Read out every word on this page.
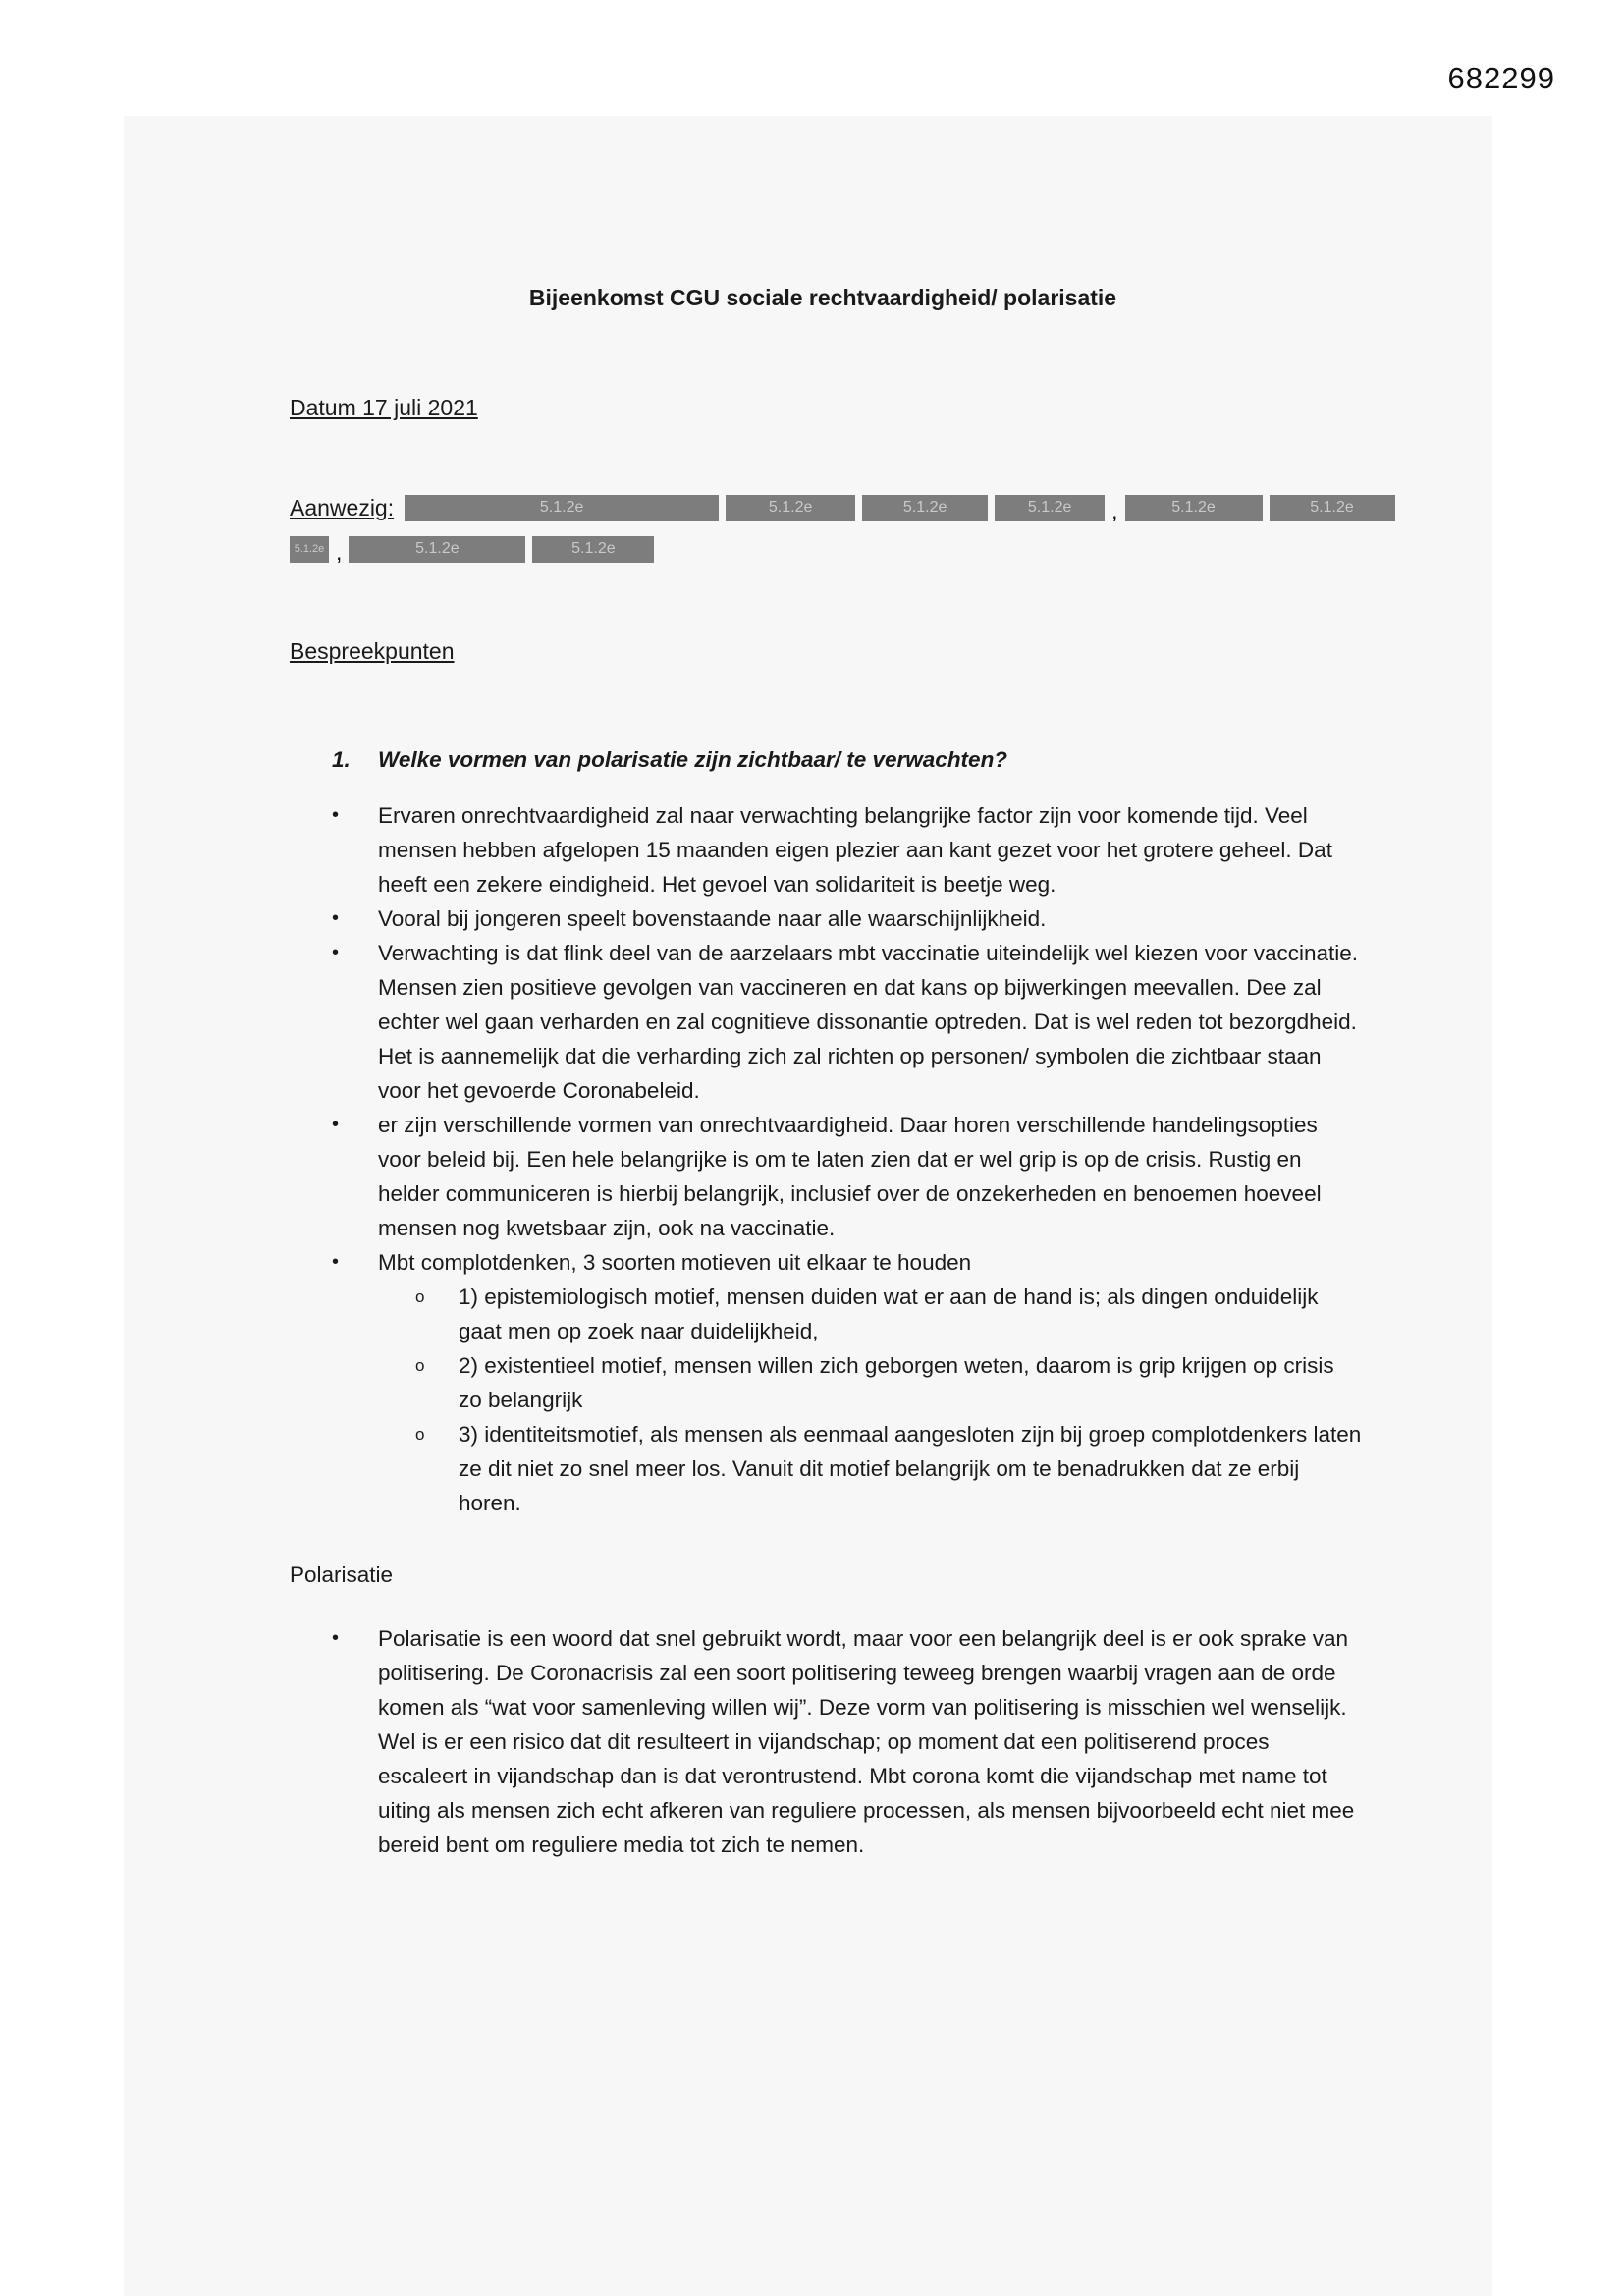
682299
Bijeenkomst CGU sociale rechtvaardigheid/ polarisatie
Datum 17 juli 2021
Aanwezig:	5.1.2e	5.1.2e	5.1.2e	5.1.2e	,	5.1.2e	5.1.2e
5.1.2e ,	5.1.2e	5.1.2e
Bespreekpunten
1.	Welke vormen van polarisatie zijn zichtbaar/ te verwachten?
•	Ervaren onrechtvaardigheid zal naar verwachting belangrijke factor zijn voor komende tijd. Veel mensen hebben afgelopen 15 maanden eigen plezier aan kant gezet voor het grotere geheel. Dat heeft een zekere eindigheid. Het gevoel van solidariteit is beetje weg.
•	Vooral bij jongeren speelt bovenstaande naar alle waarschijnlijkheid.
•	Verwachting is dat flink deel van de aarzelaars mbt vaccinatie uiteindelijk wel kiezen voor vaccinatie. Mensen zien positieve gevolgen van vaccineren en dat kans op bijwerkingen meevallen. Dee zal echter wel gaan verharden en zal cognitieve dissonantie optreden. Dat is wel reden tot bezorgdheid. Het is aannemelijk dat die verharding zich zal richten op personen/ symbolen die zichtbaar staan voor het gevoerde Coronabeleid.
•	er zijn verschillende vormen van onrechtvaardigheid. Daar horen verschillende handelingsopties voor beleid bij. Een hele belangrijke is om te laten zien dat er wel grip is op de crisis. Rustig en helder communiceren is hierbij belangrijk, inclusief over de onzekerheden en benoemen hoeveel mensen nog kwetsbaar zijn, ook na vaccinatie.
•	Mbt complotdenken, 3 soorten motieven uit elkaar te houden
o	1) epistemiologisch motief, mensen duiden wat er aan de hand is; als dingen onduidelijk gaat men op zoek naar duidelijkheid,
o	2) existentieel motief, mensen willen zich geborgen weten, daarom is grip krijgen op crisis zo belangrijk
o	3) identiteitsmotief, als mensen als eenmaal aangesloten zijn bij groep complotdenkers laten ze dit niet zo snel meer los. Vanuit dit motief belangrijk om te benadrukken dat ze erbij horen.
Polarisatie
•	Polarisatie is een woord dat snel gebruikt wordt, maar voor een belangrijk deel is er ook sprake van politisering. De Coronacrisis zal een soort politisering teweeg brengen waarbij vragen aan de orde komen als “wat voor samenleving willen wij”. Deze vorm van politisering is misschien wel wenselijk. Wel is er een risico dat dit resulteert in vijandschap; op moment dat een politiserend proces escaleert in vijandschap dan is dat verontrustend. Mbt corona komt die vijandschap met name tot uiting als mensen zich echt afkeren van reguliere processen, als mensen bijvoorbeeld echt niet mee bereid bent om reguliere media tot zich te nemen.
